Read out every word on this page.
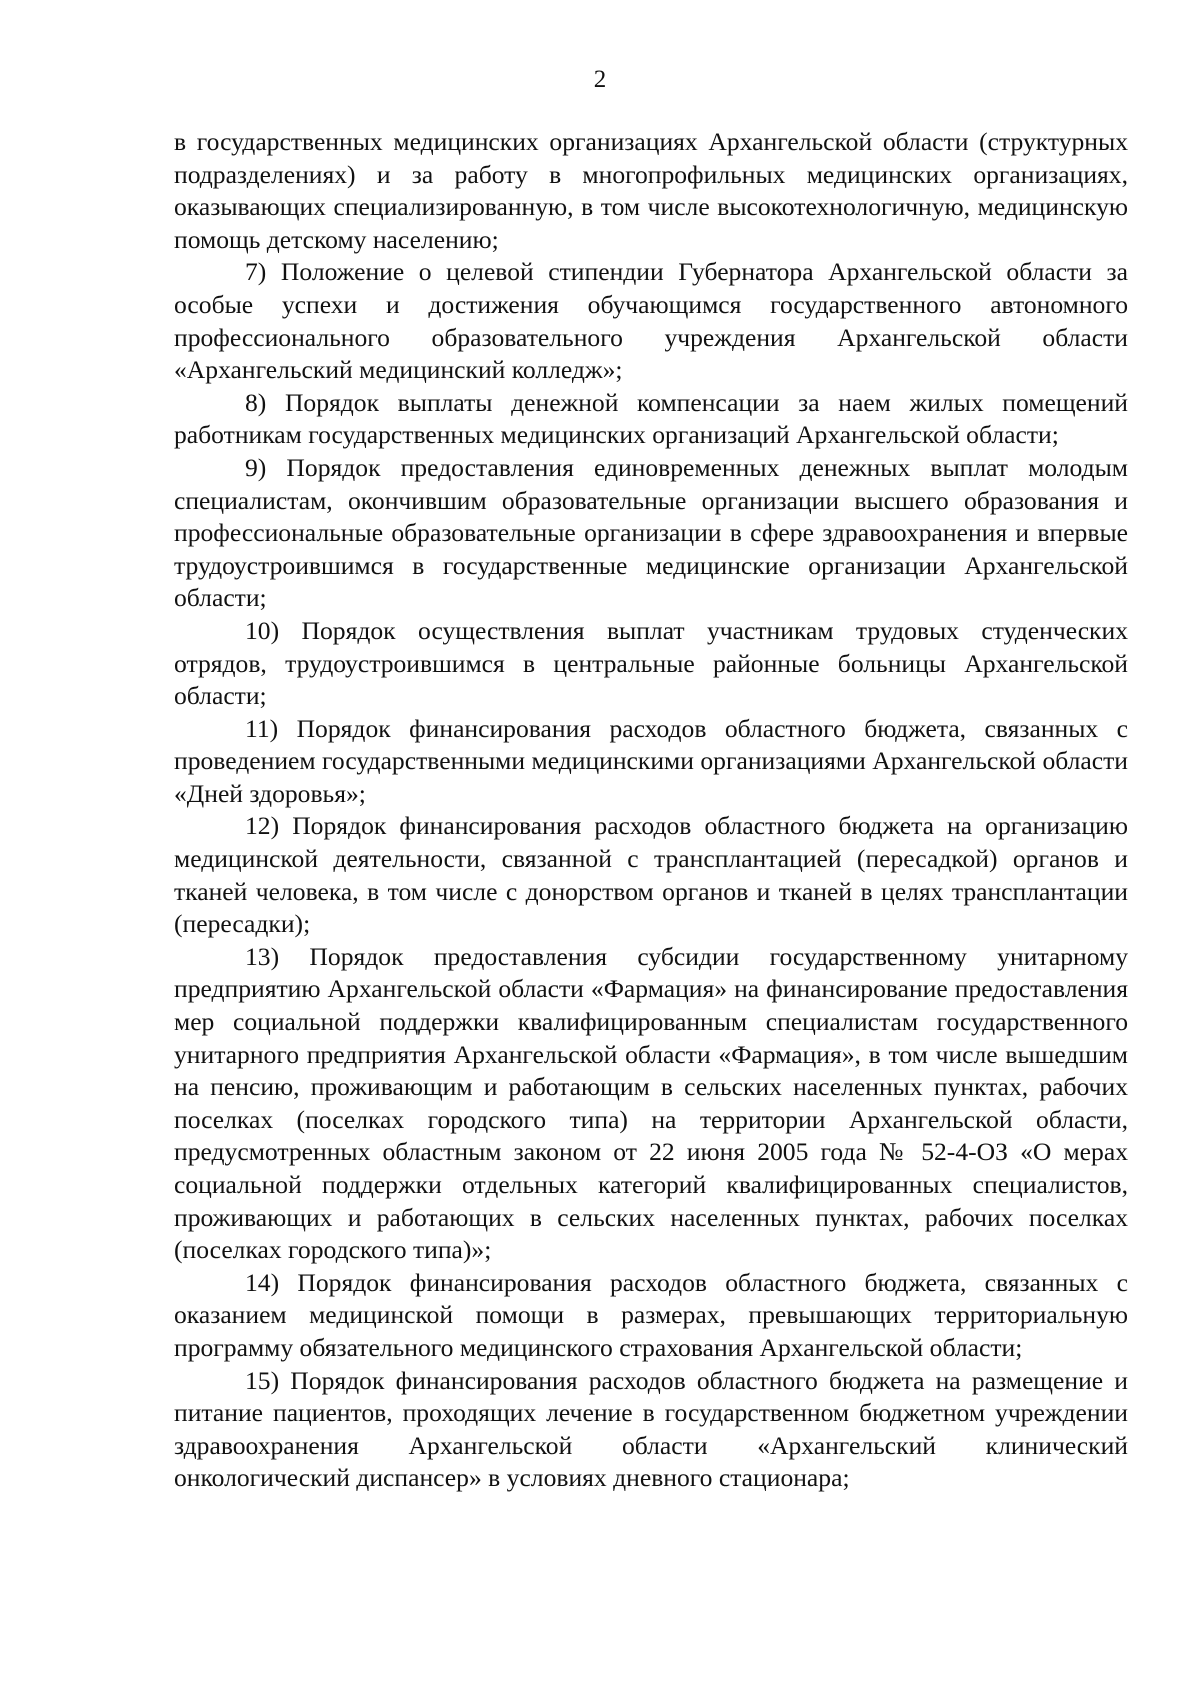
2

в государственных медицинских организациях Архангельской области (структурных подразделениях) и за работу в многопрофильных медицинских организациях, оказывающих специализированную, в том числе высокотехнологичную, медицинскую помощь детскому населению;

7) Положение о целевой стипендии Губернатора Архангельской области за особые успехи и достижения обучающимся государственного автономного профессионального образовательного учреждения Архангельской области «Архангельский медицинский колледж»;

8) Порядок выплаты денежной компенсации за наем жилых помещений работникам государственных медицинских организаций Архангельской области;

9) Порядок предоставления единовременных денежных выплат молодым специалистам, окончившим образовательные организации высшего образования и профессиональные образовательные организации в сфере здравоохранения и впервые трудоустроившимся в государственные медицинские организации Архангельской области;

10) Порядок осуществления выплат участникам трудовых студенческих отрядов, трудоустроившимся в центральные районные больницы Архангельской области;

11) Порядок финансирования расходов областного бюджета, связанных с проведением государственными медицинскими организациями Архангельской области «Дней здоровья»;

12) Порядок финансирования расходов областного бюджета на организацию медицинской деятельности, связанной с трансплантацией (пересадкой) органов и тканей человека, в том числе с донорством органов и тканей в целях трансплантации (пересадки);

13) Порядок предоставления субсидии государственному унитарному предприятию Архангельской области «Фармация» на финансирование предоставления мер социальной поддержки квалифицированным специалистам государственного унитарного предприятия Архангельской области «Фармация», в том числе вышедшим на пенсию, проживающим и работающим в сельских населенных пунктах, рабочих поселках (поселках городского типа) на территории Архангельской области, предусмотренных областным законом от 22 июня 2005 года № 52-4-ОЗ «О мерах социальной поддержки отдельных категорий квалифицированных специалистов, проживающих и работающих в сельских населенных пунктах, рабочих поселках (поселках городского типа)»;

14) Порядок финансирования расходов областного бюджета, связанных с оказанием медицинской помощи в размерах, превышающих территориальную программу обязательного медицинского страхования Архангельской области;

15) Порядок финансирования расходов областного бюджета на размещение и питание пациентов, проходящих лечение в государственном бюджетном учреждении здравоохранения Архангельской области «Архангельский клинический онкологический диспансер» в условиях дневного стационара;
